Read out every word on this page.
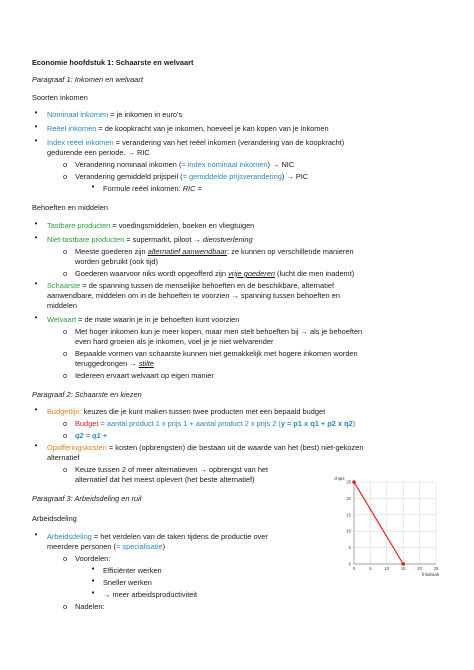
Economie hoofdstuk 1: Schaarste en welvaart
Paragraaf 1: Inkomen en welvaart
Soorten inkomen
•	Nominaal inkomen = je inkomen in euro's
•	Reëel inkomen = de koopkracht van je inkomen, hoeveel je kan kopen van je inkomen
•	Index reëel inkomen = verandering van het reëel inkomen (verandering van de koopkracht)
gedurende een periode. → RIC
o Verandering nominaal inkomen (= index nominaal inkomen) → NIC
o Verandering gemiddeld prijspeil (= gemiddelde prijsverandering) → PIC
▪	Formule reëel inkomen: RIC =
Behoeften en middelen
•	Tastbare producten = voedingsmiddelen, boeken en vliegtuigen
•	Niet-tastbare producten = supermarkt, piloot → dienstverlening
o Meeste goederen zijn alternatief aanwendbaar: ze kunnen op verschillende manieren
worden gebruikt (ook tijd)
o Goederen waarvoor niks wordt opgeofferd zijn vrije goederen (lucht die men inademt)
•	Schaarste = de spanning tussen de menselijke behoeften en de beschikbare, alternatief
aanwendbare, middelen om in de behoeften te voorzien → spanning tussen behoeften en
middelen
•	Welvaart = de mate waarin je in je behoeften kunt voorzien
o Met hoger inkomen kun je meer kopen, maar men stelt behoeften bij → als je behoeften
even hard groeien als je inkomen, voel je je niet welvarender
o Bepaalde vormen van schaarste kunnen niet gemakkelijk met hogere inkomen worden
teruggedrongen → stilte
o Iedereen ervaart welvaart op eigen manier
Paragraaf 2: Schaarste en kiezen
•	Budgetlijn: keuzes die je kunt maken tussen twee producten met een bepaald budget
o Budget = aantal product 1 x prijs 1 + aantal product 2 x prijs 2 (y = p1 x q1 + p2 x q2)
o q2 = q1 +
•	Opofferingskosten = kosten (opbrengsten) die bestaan uit de waarde van het (best) niet-gekozen
alternatief
o Keuze tussen 2 of meer alternatieven → opbrengst van het
alternatief dat het meest oplevert (het beste alternatief)
Paragraaf 3: Arbeidsdeling en ruil
Arbeidsdeling
•	Arbeidsdeling = het verdelen van de taken tijdens de productie over
meerdere personen (= specialisatie)
o Voordelen:
▪	Efficiënter werken
▪	Sneller werken
▪	→ meer arbeidsproductiviteit
o Nadelen:
0
5
10
15
20
25
0	5	10	15	20	25
chips
frisdrank
